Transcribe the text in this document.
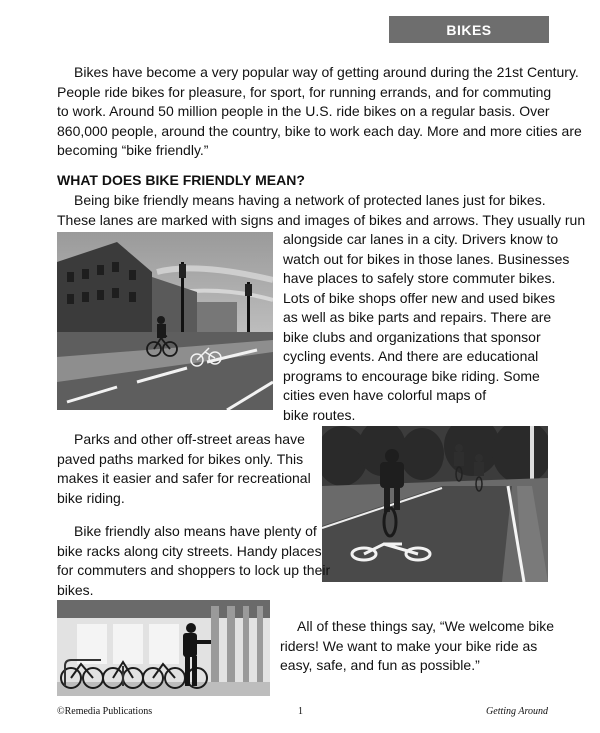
BIKES
Bikes have become a very popular way of getting around during the 21st Century.
People ride bikes for pleasure, for sport, for running errands, and for commuting
to work. Around 50 million people in the U.S. ride bikes on a regular basis. Over
860,000 people, around the country, bike to work each day. More and more cities are
becoming “bike friendly.”
WHAT DOES BIKE FRIENDLY MEAN?
Being bike friendly means having a network of protected lanes just for bikes.
These lanes are marked with signs and images of bikes and arrows. They usually run
alongside car lanes in a city. Drivers know to
watch out for bikes in those lanes. Businesses
have places to safely store commuter bikes.
Lots of bike shops offer new and used bikes
as well as bike parts and repairs. There are
bike clubs and organizations that sponsor
cycling events. And there are educational
programs to encourage bike riding. Some
cities even have colorful maps of
bike routes.
Parks and other off-street areas have
paved paths marked for bikes only. This
makes it easier and safer for recreational
bike riding.
Bike friendly also means have plenty of
bike racks along city streets. Handy places
for commuters and shoppers to lock up their
bikes.
All of these things say, “We welcome bike
riders! We want to make your bike ride as
easy, safe, and fun as possible.”
©Remedia Publications	1	Getting Around
